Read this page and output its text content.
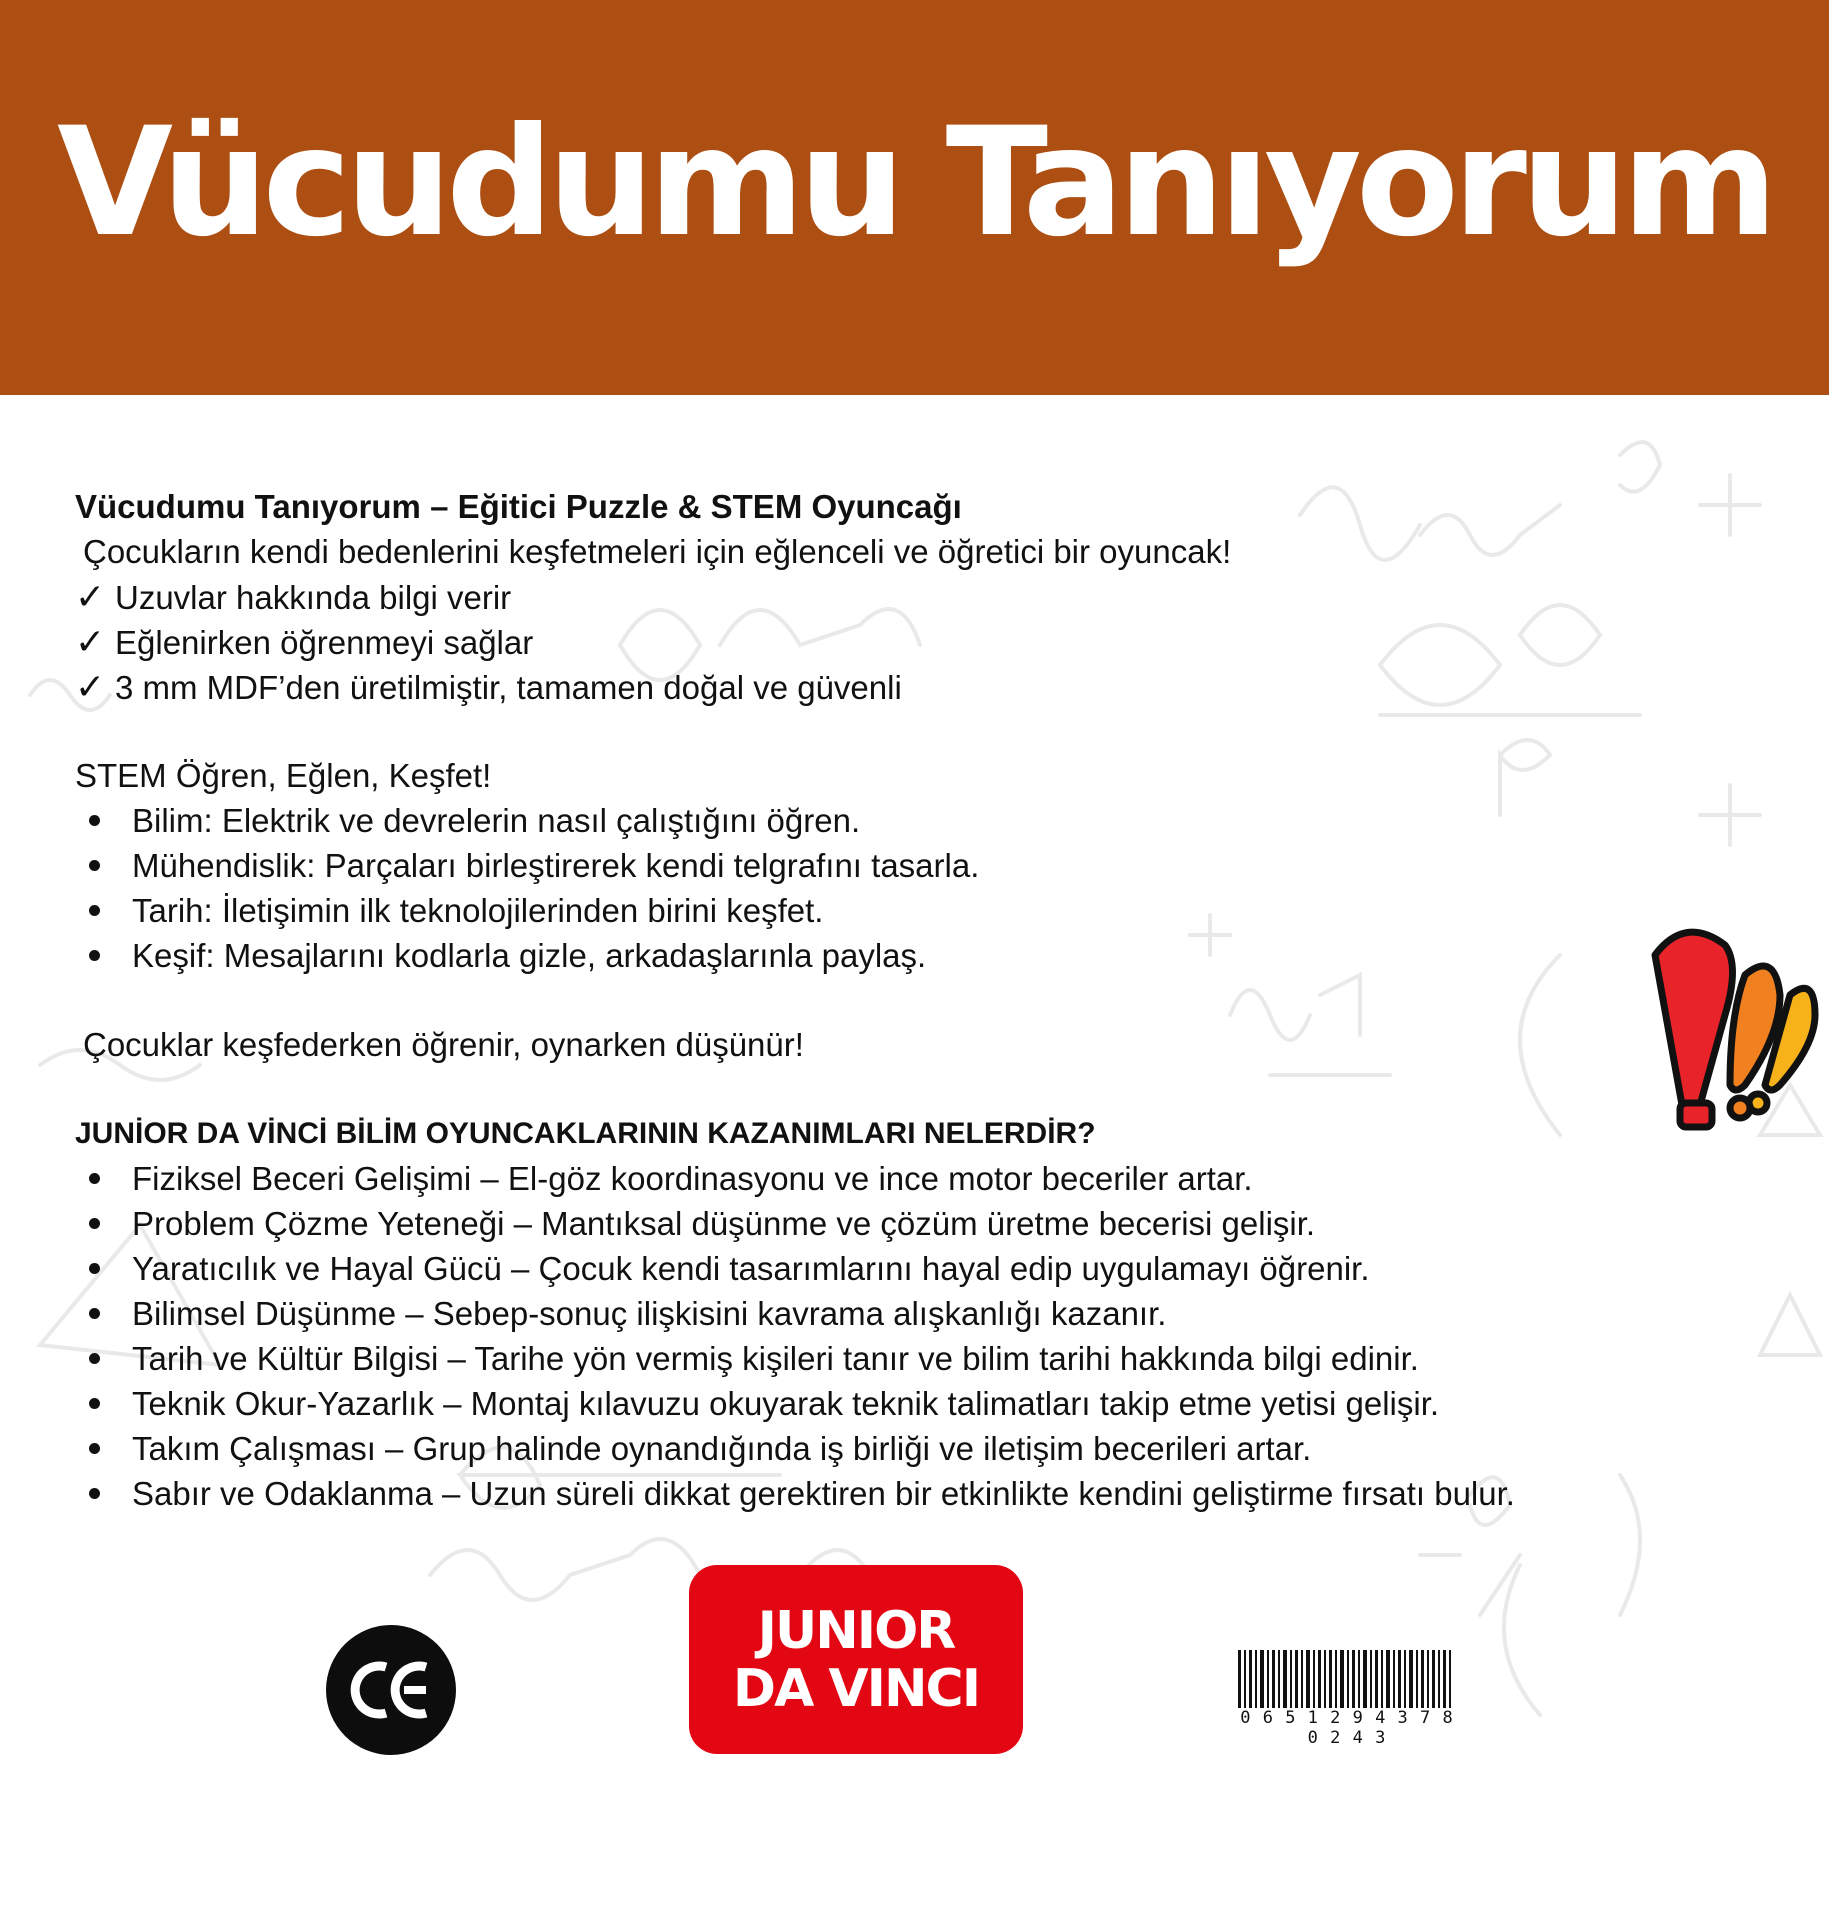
Vücudumu Tanıyorum
Vücudumu Tanıyorum – Eğitici Puzzle & STEM Oyuncağı
Çocukların kendi bedenlerini keşfetmeleri için eğlenceli ve öğretici bir oyuncak!
✓ Uzuvlar hakkında bilgi verir
✓ Eğlenirken öğrenmeyi sağlar
✓ 3 mm MDF’den üretilmiştir, tamamen doğal ve güvenli
STEM Öğren, Eğlen, Keşfet!
Bilim: Elektrik ve devrelerin nasıl çalıştığını öğren.
Mühendislik: Parçaları birleştirerek kendi telgrafını tasarla.
Tarih: İletişimin ilk teknolojilerinden birini keşfet.
Keşif: Mesajlarını kodlarla gizle, arkadaşlarınla paylaş.
Çocuklar keşfederken öğrenir, oynarken düşünür!
JUNİOR DA VİNCİ BİLİM OYUNCAKLARININ KAZANIMLARI NELERDİR?
Fiziksel Beceri Gelişimi – El-göz koordinasyonu ve ince motor beceriler artar.
Problem Çözme Yeteneği – Mantıksal düşünme ve çözüm üretme becerisi gelişir.
Yaratıcılık ve Hayal Gücü – Çocuk kendi tasarımlarını hayal edip uygulamayı öğrenir.
Bilimsel Düşünme – Sebep-sonuç ilişkisini kavrama alışkanlığı kazanır.
Tarih ve Kültür Bilgisi – Tarihe yön vermiş kişileri tanır ve bilim tarihi hakkında bilgi edinir.
Teknik Okur-Yazarlık – Montaj kılavuzu okuyarak teknik talimatları takip etme yetisi gelişir.
Takım Çalışması – Grup halinde oynandığında iş birliği ve iletişim becerileri artar.
Sabır ve Odaklanma – Uzun süreli dikkat gerektiren bir etkinlikte kendini geliştirme fırsatı bulur.
JUNIOR
DA VINCI	0 6 5 1 2 9 4 3 7 8 0 2 4 3
